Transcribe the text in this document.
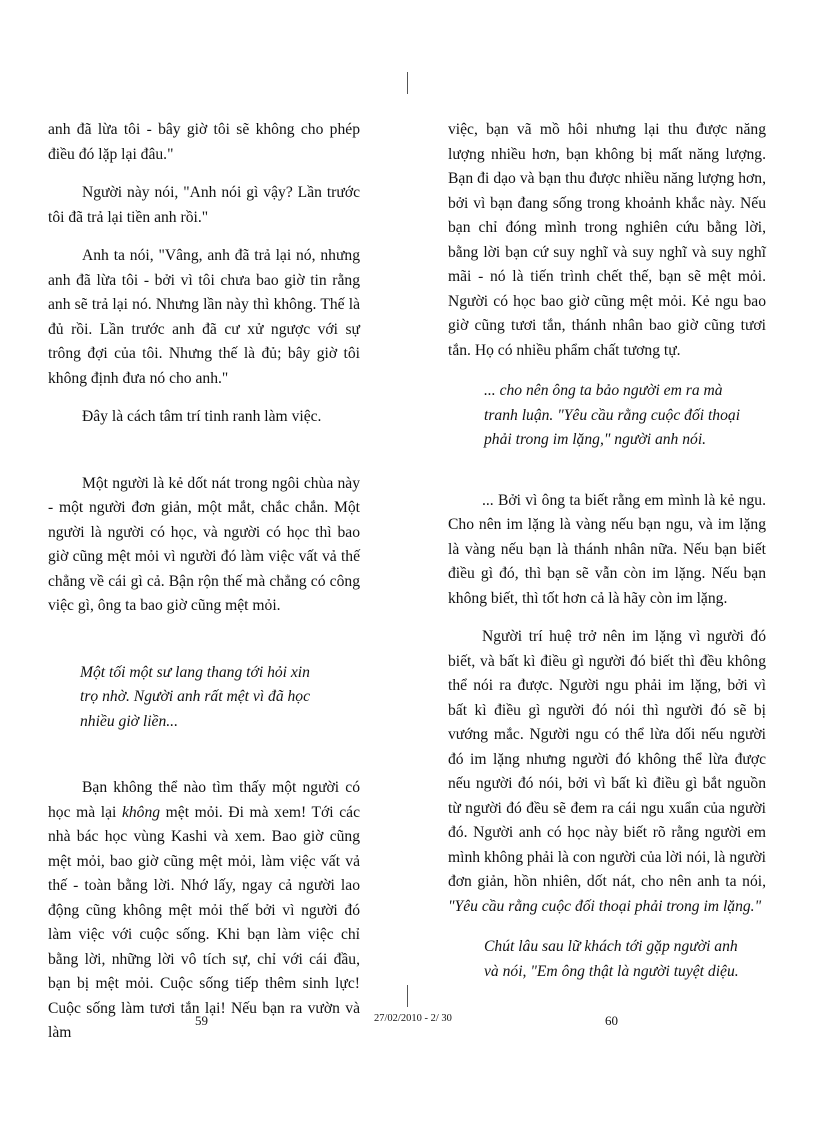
anh đã lừa tôi - bây giờ tôi sẽ không cho phép điều đó lặp lại đâu."

Người này nói, "Anh nói gì vậy? Lần trước tôi đã trả lại tiền anh rồi."

Anh ta nói, "Vâng, anh đã trả lại nó, nhưng anh đã lừa tôi - bởi vì tôi chưa bao giờ tin rằng anh sẽ trả lại nó. Nhưng lần này thì không. Thế là đủ rồi. Lần trước anh đã cư xử ngược với sự trông đợi của tôi. Nhưng thế là đủ; bây giờ tôi không định đưa nó cho anh."

Đây là cách tâm trí tinh ranh làm việc.

Một người là kẻ dốt nát trong ngôi chùa này - một người đơn giản, một mắt, chắc chắn. Một người là người có học, và người có học thì bao giờ cũng mệt mỏi vì người đó làm việc vất vả thế chẳng về cái gì cả. Bận rộn thế mà chẳng có công việc gì, ông ta bao giờ cũng mệt mỏi.

Một tối một sư lang thang tới hỏi xin trọ nhờ. Người anh rất mệt vì đã học nhiều giờ liền...

Bạn không thể nào tìm thấy một người có học mà lại không mệt mỏi. Đi mà xem! Tới các nhà bác học vùng Kashi và xem. Bao giờ cũng mệt mỏi, bao giờ cũng mệt mỏi, làm việc vất vả thế - toàn bằng lời. Nhớ lấy, ngay cả người lao động cũng không mệt mỏi thế bởi vì người đó làm việc với cuộc sống. Khi bạn làm việc chỉ bằng lời, những lời vô tích sự, chỉ với cái đầu, bạn bị mệt mỏi. Cuộc sống tiếp thêm sinh lực! Cuộc sống làm tươi tắn lại! Nếu bạn ra vườn và làm

việc, bạn vã mồ hôi nhưng lại thu được năng lượng nhiều hơn, bạn không bị mất năng lượng. Bạn đi dạo và bạn thu được nhiều năng lượng hơn, bởi vì bạn đang sống trong khoảnh khắc này. Nếu bạn chỉ đóng mình trong nghiên cứu bằng lời, bằng lời bạn cứ suy nghĩ và suy nghĩ và suy nghĩ mãi - nó là tiến trình chết thế, bạn sẽ mệt mỏi. Người có học bao giờ cũng mệt mỏi. Kẻ ngu bao giờ cũng tươi tắn, thánh nhân bao giờ cũng tươi tắn. Họ có nhiều phẩm chất tương tự.

... cho nên ông ta bảo người em ra mà tranh luận. "Yêu cầu rằng cuộc đối thoại phải trong im lặng," người anh nói.

... Bởi vì ông ta biết rằng em mình là kẻ ngu. Cho nên im lặng là vàng nếu bạn ngu, và im lặng là vàng nếu bạn là thánh nhân nữa. Nếu bạn biết điều gì đó, thì bạn sẽ vẫn còn im lặng. Nếu bạn không biết, thì tốt hơn cả là hãy còn im lặng.

Người trí huệ trở nên im lặng vì người đó biết, và bất kì điều gì người đó biết thì đều không thể nói ra được. Người ngu phải im lặng, bởi vì bất kì điều gì người đó nói thì người đó sẽ bị vướng mắc. Người ngu có thể lừa dối nếu người đó im lặng nhưng người đó không thể lừa được nếu người đó nói, bởi vì bất kì điều gì bắt nguồn từ người đó đều sẽ đem ra cái ngu xuẩn của người đó. Người anh có học này biết rõ rằng người em mình không phải là con người của lời nói, là người đơn giản, hồn nhiên, dốt nát, cho nên anh ta nói, "Yêu cầu rằng cuộc đối thoại phải trong im lặng."

Chút lâu sau lữ khách tới gặp người anh và nói, "Em ông thật là người tuyệt diệu.

59	27/02/2010 - 2/ 30	60
